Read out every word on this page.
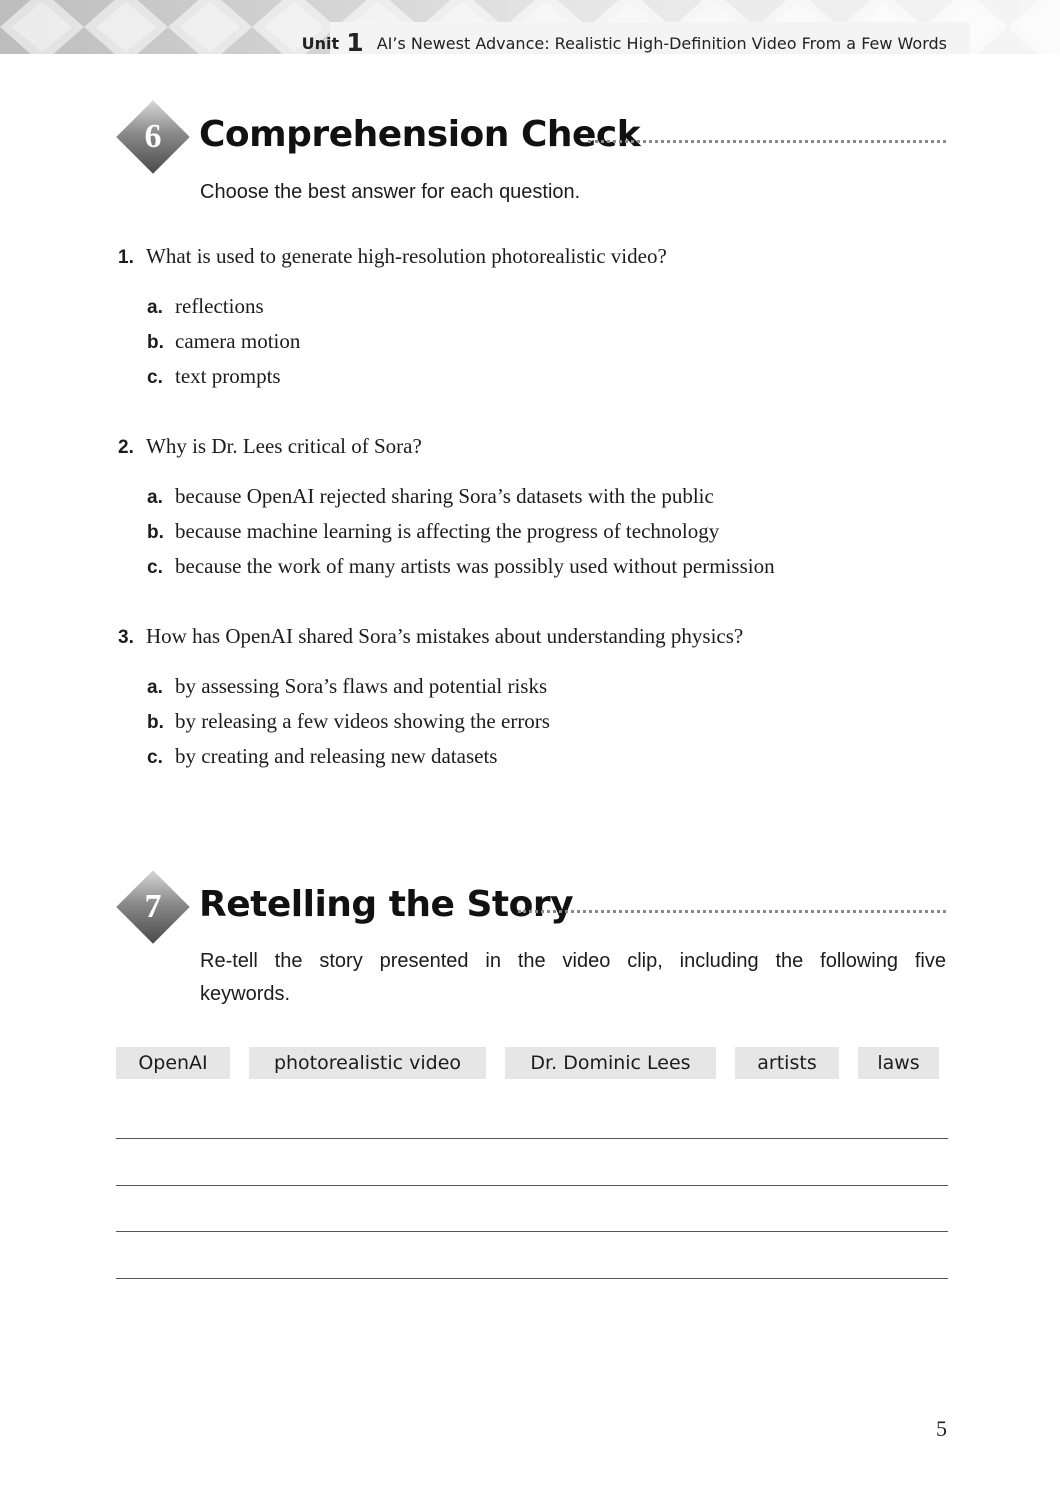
Unit 1 AI’s Newest Advance: Realistic High-Definition Video From a Few Words
6	Comprehension Check
Choose the best answer for each question.
1. What is used to generate high-resolution photorealistic video?
a. reflections
b. camera motion
c. text prompts
2. Why is Dr. Lees critical of Sora?
a. because OpenAI rejected sharing Sora’s datasets with the public
b. because machine learning is affecting the progress of technology
c. because the work of many artists was possibly used without permission
3. How has OpenAI shared Sora’s mistakes about understanding physics?
a. by assessing Sora’s flaws and potential risks
b. by releasing a few videos showing the errors
c. by creating and releasing new datasets
7	Retelling the Story
Re-tell the story presented in the video clip, including the following five keywords.
OpenAI	photorealistic video	Dr. Dominic Lees	artists	laws
5
